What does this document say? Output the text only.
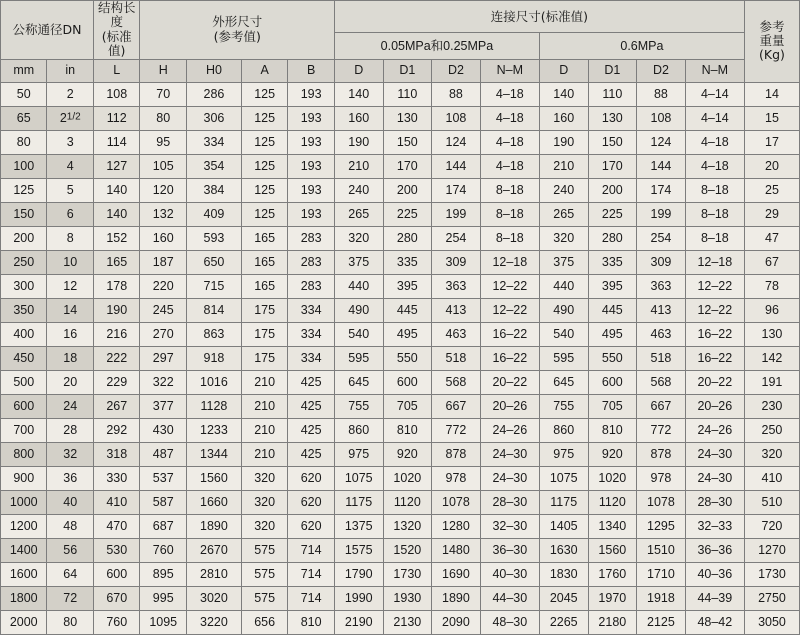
公称通径DN		结构长度
(标准值)	外形尺寸
(参考值)				连接尺寸(标准值)								参考
重量
(Kg)

							0.05MPa和0.25MPa				0.6MPa				
mm	in	L	H	H0	A	B	D	D1	D2	N–M	D	D1	D2	N–M	
50	2	108	70	286	125	193	140	110	88	4–18	140	110	88	4–14	14
65	$2^{1/2}$	112	80	306	125	193	160	130	108	4–18	160	130	108	4–14	15
80	3	114	95	334	125	193	190	150	124	4–18	190	150	124	4–18	17
100	4	127	105	354	125	193	210	170	144	4–18	210	170	144	4–18	20
125	5	140	120	384	125	193	240	200	174	8–18	240	200	174	8–18	25
150	6	140	132	409	125	193	265	225	199	8–18	265	225	199	8–18	29
200	8	152	160	593	165	283	320	280	254	8–18	320	280	254	8–18	47
250	10	165	187	650	165	283	375	335	309	12–18	375	335	309	12–18	67
300	12	178	220	715	165	283	440	395	363	12–22	440	395	363	12–22	78
350	14	190	245	814	175	334	490	445	413	12–22	490	445	413	12–22	96
400	16	216	270	863	175	334	540	495	463	16–22	540	495	463	16–22	130
450	18	222	297	918	175	334	595	550	518	16–22	595	550	518	16–22	142
500	20	229	322	1016	210	425	645	600	568	20–22	645	600	568	20–22	191
600	24	267	377	1128	210	425	755	705	667	20–26	755	705	667	20–26	230
700	28	292	430	1233	210	425	860	810	772	24–26	860	810	772	24–26	250
800	32	318	487	1344	210	425	975	920	878	24–30	975	920	878	24–30	320
900	36	330	537	1560	320	620	1075	1020	978	24–30	1075	1020	978	24–30	410
1000	40	410	587	1660	320	620	1175	1120	1078	28–30	1175	1120	1078	28–30	510
1200	48	470	687	1890	320	620	1375	1320	1280	32–30	1405	1340	1295	32–33	720
1400	56	530	760	2670	575	714	1575	1520	1480	36–30	1630	1560	1510	36–36	1270
1600	64	600	895	2810	575	714	1790	1730	1690	40–30	1830	1760	1710	40–36	1730
1800	72	670	995	3020	575	714	1990	1930	1890	44–30	2045	1970	1918	44–39	2750
2000	80	760	1095	3220	656	810	2190	2130	2090	48–30	2265	2180	2125	48–42	3050
